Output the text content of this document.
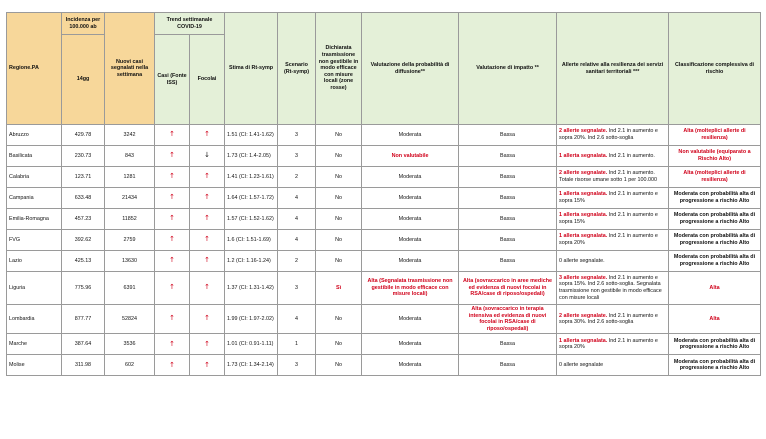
Regione.PA	Incidenza per 100.000 ab	Nuovi casi segnalati nella settimana	Trend settimanale COVID-19		Stima di Rt-symp	Scenario (Rt-symp)	Dichiarata trasmissione non gestibile in modo efficace con misure locali (zone rosse)	Valutazione della probabilità di diffusione**	Valutazione di impatto **	Allerte relative alla resilienza dei servizi sanitari territoriali ***	Classificazione complessiva di rischio
	14gg		Casi (Fonte ISS)	Focolai							
Abruzzo	429.78	3242	↑	↑	1.51 (CI: 1.41-1.62)	3	No	Moderata	Bassa	2 allerte segnalate. Ind 2.1 in aumento e sopra 20%. Ind 2.6 sotto-soglia	Alta (molteplici allerte di resilienza)
Basilicata	230.73	843	↑	↓	1.73 (CI: 1.4-2.05)	3	No	Non valutabile	Bassa	1 allerta segnalata. Ind 2.1 in aumento.	Non valutabile (equiparato a Rischio Alto)
Calabria	123.71	1281	↑	↑	1.41 (CI: 1.23-1.61)	2	No	Moderata	Bassa	2 allerte segnalate. Ind 2.1 in aumento. Totale risorse umane sotto 1 per 100.000	Alta (molteplici allerte di resilienza)
Campania	633.48	21434	↑	↑	1.64 (CI: 1.57-1.72)	4	No	Moderata	Bassa	1 allerta segnalata. Ind 2.1 in aumento e sopra 15%	Moderata con probabilità alta di progressione a rischio Alto
Emilia-Romagna	457.23	11852	↑	↑	1.57 (CI: 1.52-1.62)	4	No	Moderata	Bassa	1 allerta segnalata. Ind 2.1 in aumento e sopra 15%	Moderata con probabilità alta di progressione a rischio Alto
FVG	392.62	2759	↑	↑	1.6 (CI: 1.51-1.69)	4	No	Moderata	Bassa	1 allerta segnalata. Ind 2.1 in aumento e sopra 20%	Moderata con probabilità alta di progressione a rischio Alto
Lazio	425.13	13630	↑	↑	1.2 (CI: 1.16-1.24)	2	No	Moderata	Bassa	0 allerte segnalate.	Moderata con probabilità alta di progressione a rischio Alto
Liguria	775.96	6391	↑	↑	1.37 (CI: 1.31-1.42)	3	Sì	Alta (Segnalata trasmissione non gestibile in modo efficace con misure locali)	Alta (sovraccarico in aree mediche ed evidenza di nuovi focolai in RSA/case di riposo/ospedali)	3 allerte segnalate. Ind 2.1 in aumento e sopra 15%. Ind 2.6 sotto-soglia. Segnalata trasmissione non gestibile in modo efficace con misure locali	Alta
Lombardia	877.77	52824	↑	↑	1.99 (CI: 1.97-2.02)	4	No	Moderata	Alta (sovraccarico in terapia intensiva ed evidenza di nuovi focolai in RSA/case di riposo/ospedali)	2 allerte segnalate. Ind 2.1 in aumento e sopra 30%. Ind 2.6 sotto-soglia	Alta
Marche	387.64	3536	↑	↑	1.01 (CI: 0.91-1.11)	1	No	Moderata	Bassa	1 allerta segnalata. Ind 2.1 in aumento e sopra 20%	Moderata con probabilità alta di progressione a rischio Alto
Molise	311.98	602	↑	↑	1.73 (CI: 1.34-2.14)	3	No	Moderata	Bassa	0 allerte segnalate	Moderata con probabilità alta di progressione a rischio Alto
